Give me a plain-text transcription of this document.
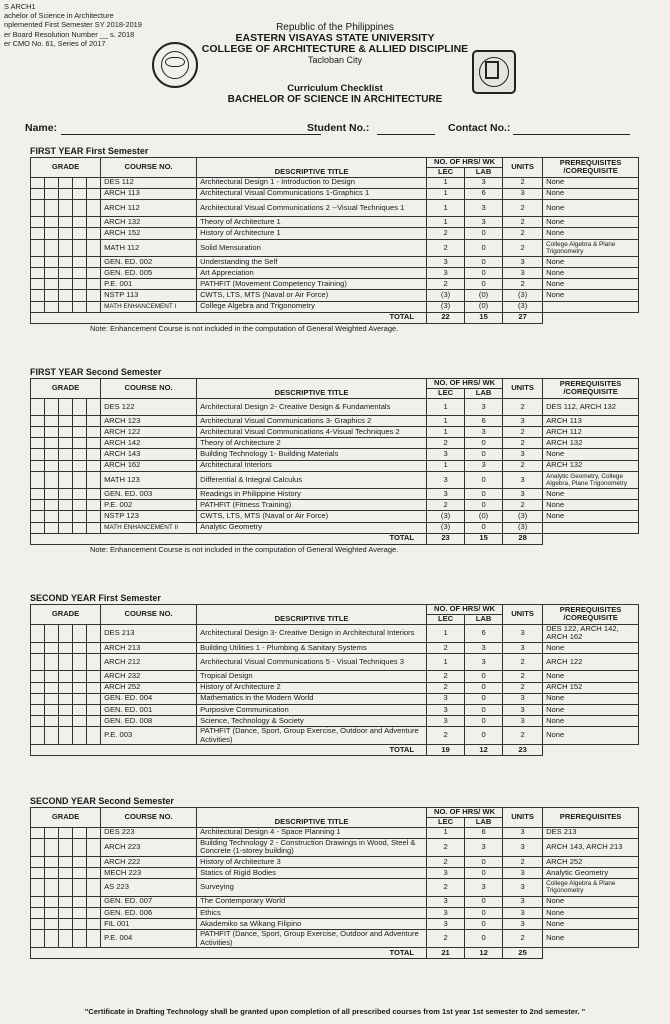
S ARCH1
achelor of Science in Architecture
nplemented First Semester SY 2018-2019
er Board Resolution Number __ s. 2018
er CMO No. 61, Series of 2017
Republic of the Philippines
EASTERN VISAYAS STATE UNIVERSITY
COLLEGE OF ARCHITECTURE & ALLIED DISCIPLINE
Tacloban City
Curriculum Checklist
BACHELOR OF SCIENCE IN ARCHITECTURE
Name:	Student No.:	Contact No.:
FIRST YEAR First Semester
GRADE					COURSE NO.	DESCRIPTIVE TITLE	NO. OF HRS/ WK		UNITS	PREREQUISITES /COREQUISITE
							LEC	LAB		
					DES 112	Architectural Design 1 - Introduction to Design	1	3	2	None
					ARCH 113	Architectural Visual Communications 1-Graphics 1	1	6	3	None
					ARCH 112	Architectural Visual Communications 2 --Visual Techniques 1	1	3	2	None
					ARCH 132	Theory of Architecture 1	1	3	2	None
					ARCH 152	History of Architecture 1	2	0	2	None
					MATH 112	Solid Mensuration	2	0	2	College Algebra & Plane Trigonometry
					GEN. ED. 002	Understanding the Self	3	0	3	None
					GEN. ED. 005	Art Appreciation	3	0	3	None
					P.E. 001	PATHFIT (Movement Competency Training)	2	0	2	None
					NSTP 113	CWTS, LTS, MTS (Naval or Air Force)	(3)	(0)	(3)	None
					MATH ENHANCEMENT I	College Algebra and Trigonometry	(3)	(0)	(3)	
TOTAL							22	15	27	
Note: Enhancement Course is not included in the computation of General Weighted Average.
FIRST YEAR Second Semester
GRADE					COURSE NO.	DESCRIPTIVE TITLE	NO. OF HRS/ WK		UNITS	PREREQUISITES /COREQUISITE
							LEC	LAB		
					DES 122	Architectural Design 2- Creative Design & Fundamentals	1	3	2	DES 112, ARCH 132
					ARCH 123	Architectural Visual Communications 3- Graphics 2	1	6	3	ARCH 113
					ARCH 122	Architectural Visual Communications 4-Visual Techniques 2	1	3	2	ARCH 112
					ARCH 142	Theory of Architecture 2	2	0	2	ARCH 132
					ARCH 143	Building Technology 1- Building Materials	3	0	3	None
					ARCH 162	Architectural Interiors	1	3	2	ARCH 132
					MATH 123	Differential & Integral Calculus	3	0	3	Analytic Geometry, College Algebra, Plane Trigonometry
					GEN. ED. 003	Readings in Philippine History	3	0	3	None
					P.E. 002	PATHFIT (Fitness Training)	2	0	2	None
					NSTP 123	CWTS, LTS, MTS (Naval or Air Force)	(3)	(0)	(3)	None
					MATH ENHANCEMENT II	Analytic Geometry	(3)	0	(3)	
TOTAL							23	15	28	
Note: Enhancement Course is not included in the computation of General Weighted Average.
SECOND YEAR First Semester
GRADE					COURSE NO.	DESCRIPTIVE TITLE	NO. OF HRS/ WK		UNITS	PREREQUISITES /COREQUISITE
							LEC	LAB		
					DES 213	Architectural Design 3- Creative Design in Architectural Interiors	1	6	3	DES 122, ARCH 142, ARCH 162
					ARCH 213	Building Utilities 1 - Plumbing & Sanitary Systems	2	3	3	None
					ARCH 212	Architectural Visual Communications 5 - Visual Techniques 3	1	3	2	ARCH 122
					ARCH 232	Tropical Design	2	0	2	None
					ARCH 252	History of Architecture 2	2	0	2	ARCH 152
					GEN. ED. 004	Mathematics in the Modern World	3	0	3	None
					GEN. ED. 001	Purposive Communication	3	0	3	None
					GEN. ED. 008	Science, Technology & Society	3	0	3	None
					P.E. 003	PATHFIT (Dance, Sport, Group Exercise, Outdoor and Adventure Activities)	2	0	2	None
TOTAL							19	12	23	
SECOND YEAR Second Semester
GRADE					COURSE NO.	DESCRIPTIVE TITLE	NO. OF HRS/ WK		UNITS	PREREQUISITES
							LEC	LAB		
					DES 223	Architectural Design 4 - Space Planning 1	1	6	3	DES 213
					ARCH 223	Building Technology 2 - Construction Drawings in Wood, Steel & Concrete (1-storey building)	2	3	3	ARCH 143, ARCH 213
					ARCH 222	History of Architecture 3	2	0	2	ARCH 252
					MECH 223	Statics of Rigid Bodies	3	0	3	Analytic Geometry
					AS 223	Surveying	2	3	3	College Algebra & Plane Trigonometry
					GEN. ED. 007	The Contemporary World	3	0	3	None
					GEN. ED. 006	Ethics	3	0	3	None
					FIL 001	Akademiko sa Wikang Filipino	3	0	3	None
					P.E. 004	PATHFIT (Dance, Sport, Group Exercise, Outdoor and Adventure Activities)	2	0	2	None
TOTAL							21	12	25	
"Certificate in Drafting Technology shall be granted upon completion of all prescribed courses from 1st year 1st semester to 2nd semester. "
